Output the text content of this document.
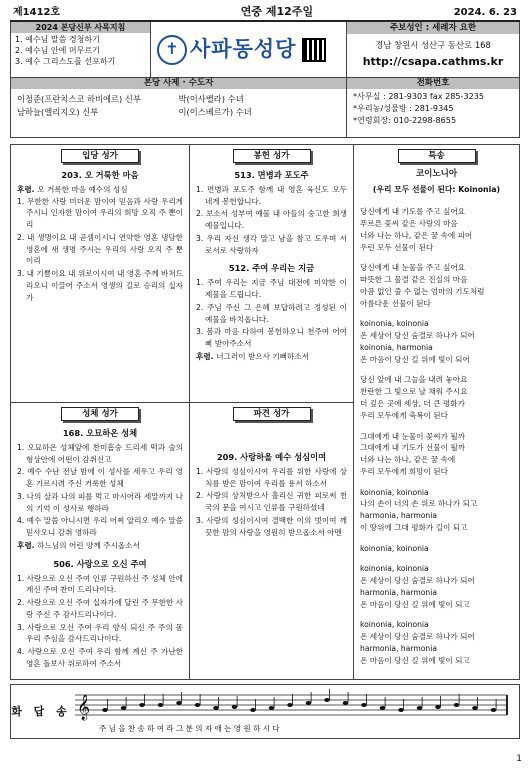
제1412호	연중 제12주일	2024. 6. 23
2024 본당신부 사목지침
1. 예수님 말씀 경청하기
2. 예수님 안에 머무르기
3. 예수 그리스도를 선포하기
✝ 사파동성당
주보성인 : 세례자 요한
경남 창원시 성산구 동산로 168
http://csapa.cathms.kr
본당 사제 · 수도자
이정준(프란치스코 하비에르) 신부
남하늘(엘리지오) 신부
박(이사벨라) 수녀
이(이스베르가) 수녀
전화번호
*사무실 : 281-9303 fax 285-3235
*우리농/성물방 : 281-9345
*연령회장: 010-2298-8655
입당 성가
203. 오 거룩한 마음
후렴. 오 거룩한 마음 예수의 성심
1. 무한한 사랑 미더운 맘이여 믿음과 사랑 우리게 주시니 인자한 맘이여 우리의 희망 오직 주 뿐이리
2. 내 생명이요 내 곧셈이시니 연약한 영혼 냉담한 영혼에 새 생명 주시는 우리의 사랑 오직 주 뿐이리
3. 내 기쁨이요 내 위로이시여 내 영혼 주께 바쳐드리오니 이끌어 주소서 영생의 길로 승리의 십자가
성체 성가
168. 오묘하온 성체
1. 오묘하온 성체앞에 찬미흠숭 드리세 떡과 술의 형상안에 어떤이 감취신고
2. 예수 수난 전날 밤에 이 성사를 세우고 우리 영혼 기르시려 주신 거룩한 성체
3. 나의 살과 나의 피를 먹고 마시어라 세말까지 나의 기억 이 성사로 행하라
4. 예수 말씀 아니시면 우리 어찌 알리오 예수 말씀 믿사오니 감취 영하라
후렴. 하느님의 어린 양께 주시옵소서
506. 사랑으로 오신 주여
1. 사랑으로 오신 주여 인류 구원하신 주 성체 안에 계신 주여 찬미 드리나이다.
2. 사랑으로 오신 주여 십자가에 달린 주 무한한 사랑 주신 주 감사드리나이다.
3. 사랑으로 오신 주여 우리 양식 되신 주 주의 몸 우리 주심을 감사드리나이다.
4. 사랑으로 오신 주여 우리 함께 계신 주 가난한 영혼 돌보사 위로하여 주소서
봉헌 성가
513. 면병과 포도주
1. 면병과 포도주 함께 내 영혼 육신도 모두 네게 봉헌합니다.
2. 보소서 성부여 예물 내 아들의 숭고한 희생 예물입니다.
3. 우리 자신 생각 말고 남을 참고 도우며 서로서로 사랑하자
512. 주여 우리는 지금
1. 주여 우리는 지금 주님 대전에 미약한 이 제물을 드립니다.
2. 주님 주신 그 은혜 보답하려고 정성된 이 예물을 바치옵니다.
3. 봄과 마음 다하여 봉헌하오니 천주여 어여삐 받아주소서
후렴. 너그러이 받으사 기뻐하소서
파견 성가
209. 사랑하올 예수 성심이여
1. 사랑의 성심이시여 우리를 위한 사랑에 상처를 받은 맘이여 우리를 용서 하소서
2. 사랑의 상처받으사 흘리신 귀한 피로써 천국의 문을 여시고 인류를 구원하셨네
3. 사랑의 성심이시여 결백한 이의 벗이여 깨끗한 맘의 사랑을 영원히 받으옵소서 아멘
특송
코이노니아
(우리 모두 선물이 된다: Koinonia)

당신에게 내 기도를 주고 싶어요
푸르른 꽃씨 같은 사랑의 마음
너와 나는 하나, 같은 꿈 속에 피어
우린 모두 선물이 된다

당신에게 내 눈물을 주고 싶어요
따뜻한 그 물결 같은 진실의 마음
아픔 없인 줄 수 없는 엄마의 기도처럼
아름다운 선물이 된다

koinonia, koinonia
온 세상이 당신 숨결로 하나가 되어
koinonia, harmonia
온 마음이 당신 길 위에 빛이 되어

당신 앞에 내 그늘을 내려 놓아요
찬란한 그 빛으로 날 채워 주시요
더 깊은 곳에 세상, 더 큰 평화가
우리 모두에게 축복이 된다

그대에게 내 눈물이 꽃씨가 될까
그대에게 내 기도가 선물이 될까
너와 나는 하나, 같은 꿈 속에
우리 모두에게 희망이 된다

koinonia, koinonia
나의 손이 너의 손 위로 하나가 되고
harmonia, harmonia
이 땅위에 그대 평화가 길이 되고

koinonia, koinonia

koinonia, koinonia
온 세상이 당신 숨결로 하나가 되어
harmonia, harmonia
온 마음이 당신 길 위에 빛이 되고

koinonia, koinonia
온 세상이 당신 숨결로 하나가 되어
harmonia, harmonia
온 마음이 당신 길 위에 빛이 되고

화 답 송 𝄞
주 님 을 찬 송 하 여 라 그 분 의 자 애 는 영 원 하 시 다
1
